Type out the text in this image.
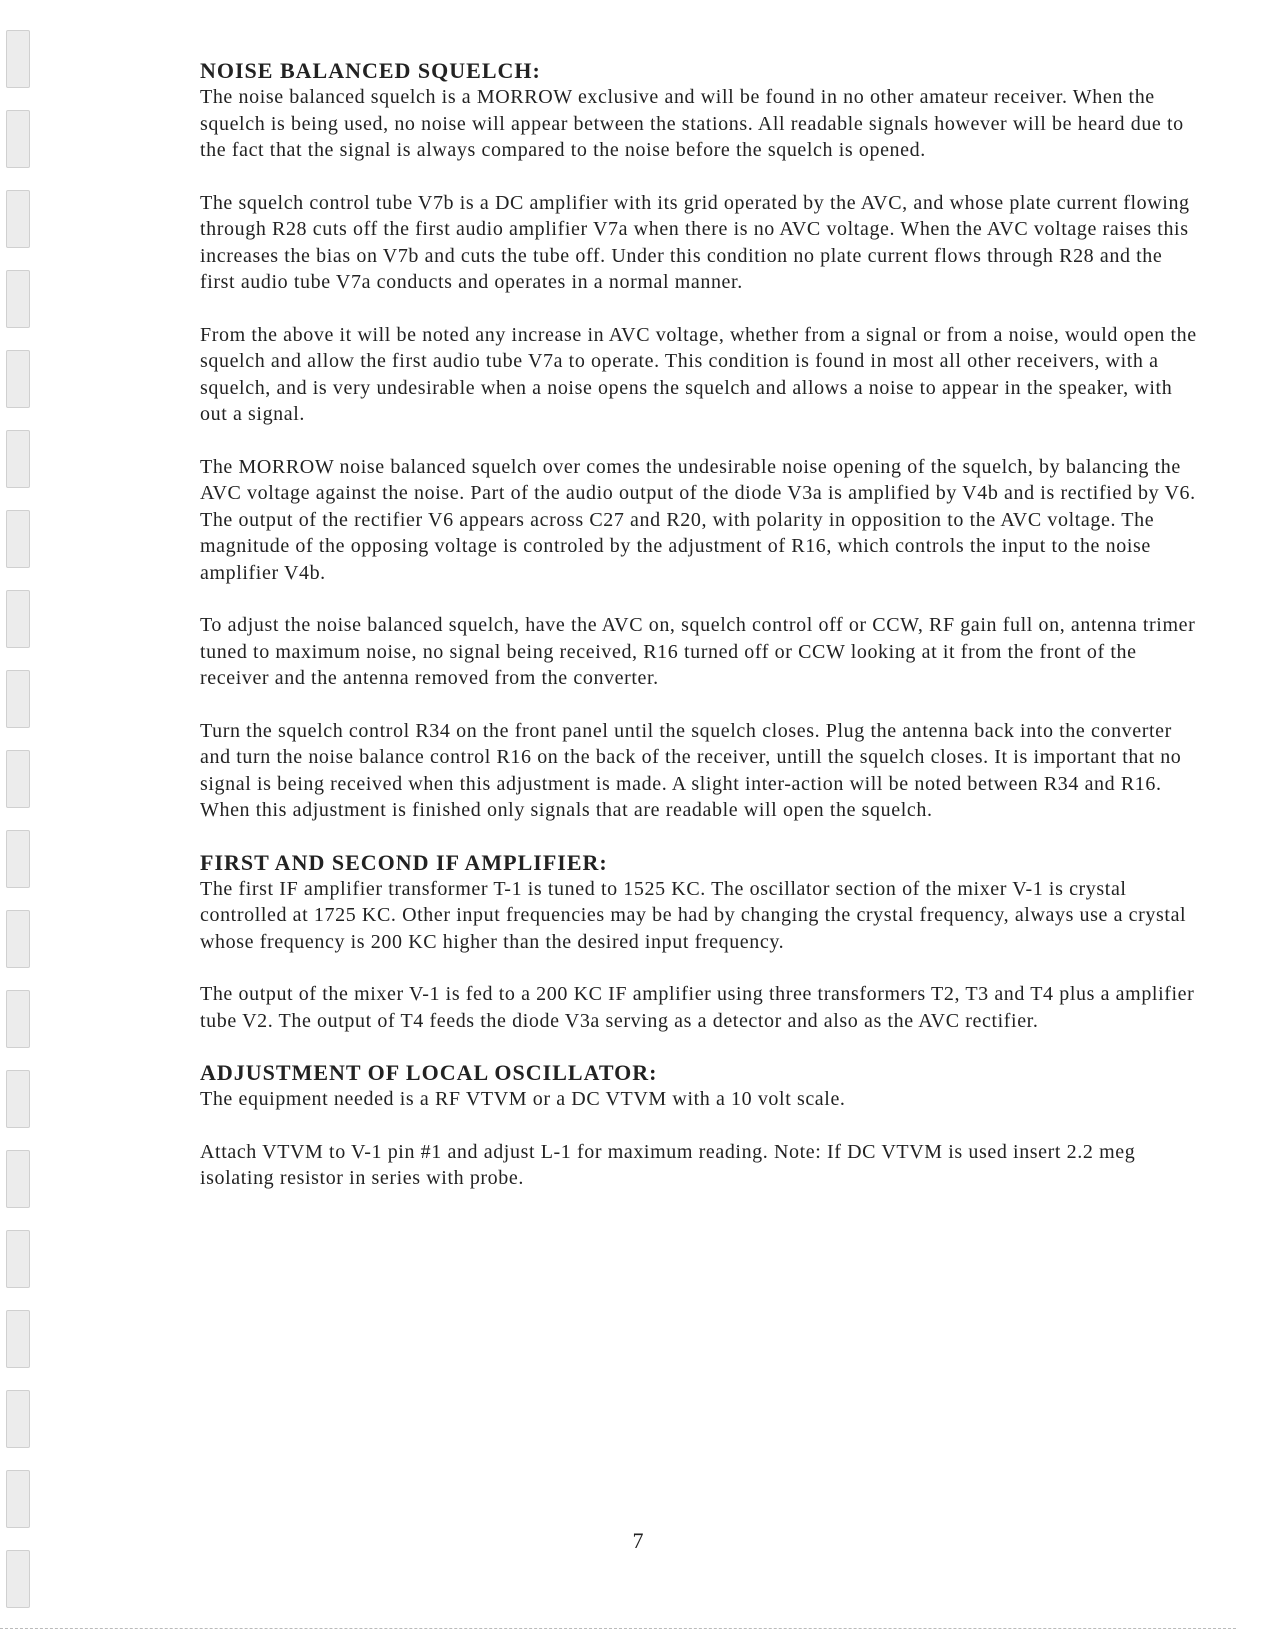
NOISE BALANCED SQUELCH:

The noise balanced squelch is a MORROW exclusive and will be found in no other amateur receiver. When the squelch is being used, no noise will appear between the stations. All readable signals however will be heard due to the fact that the signal is always compared to the noise before the squelch is opened.

The squelch control tube V7b is a DC amplifier with its grid operated by the AVC, and whose plate current flowing through R28 cuts off the first audio amplifier V7a when there is no AVC voltage. When the AVC voltage raises this increases the bias on V7b and cuts the tube off. Under this condition no plate current flows through R28 and the first audio tube V7a conducts and operates in a normal manner.

From the above it will be noted any increase in AVC voltage, whether from a signal or from a noise, would open the squelch and allow the first audio tube V7a to operate. This condition is found in most all other receivers, with a squelch, and is very undesirable when a noise opens the squelch and allows a noise to appear in the speaker, with out a signal.

The MORROW noise balanced squelch over comes the undesirable noise opening of the squelch, by balancing the AVC voltage against the noise. Part of the audio output of the diode V3a is amplified by V4b and is rectified by V6. The output of the rectifier V6 appears across C27 and R20, with polarity in opposition to the AVC voltage. The magnitude of the opposing voltage is controled by the adjustment of R16, which controls the input to the noise amplifier V4b.

To adjust the noise balanced squelch, have the AVC on, squelch control off or CCW, RF gain full on, antenna trimer tuned to maximum noise, no signal being received, R16 turned off or CCW looking at it from the front of the receiver and the antenna removed from the converter.

Turn the squelch control R34 on the front panel until the squelch closes. Plug the antenna back into the converter and turn the noise balance control R16 on the back of the receiver, untill the squelch closes. It is important that no signal is being received when this adjustment is made. A slight inter-action will be noted between R34 and R16. When this adjustment is finished only signals that are readable will open the squelch.

FIRST AND SECOND IF AMPLIFIER:

The first IF amplifier transformer T-1 is tuned to 1525 KC. The oscillator section of the mixer V-1 is crystal controlled at 1725 KC. Other input frequencies may be had by changing the crystal frequency, always use a crystal whose frequency is 200 KC higher than the desired input frequency.

The output of the mixer V-1 is fed to a 200 KC IF amplifier using three transformers T2, T3 and T4 plus a amplifier tube V2. The output of T4 feeds the diode V3a serving as a detector and also as the AVC rectifier.

ADJUSTMENT OF LOCAL OSCILLATOR:

The equipment needed is a RF VTVM or a DC VTVM with a 10 volt scale.

Attach VTVM to V-1 pin #1 and adjust L-1 for maximum reading. Note: If DC VTVM is used insert 2.2 meg isolating resistor in series with probe.

7
